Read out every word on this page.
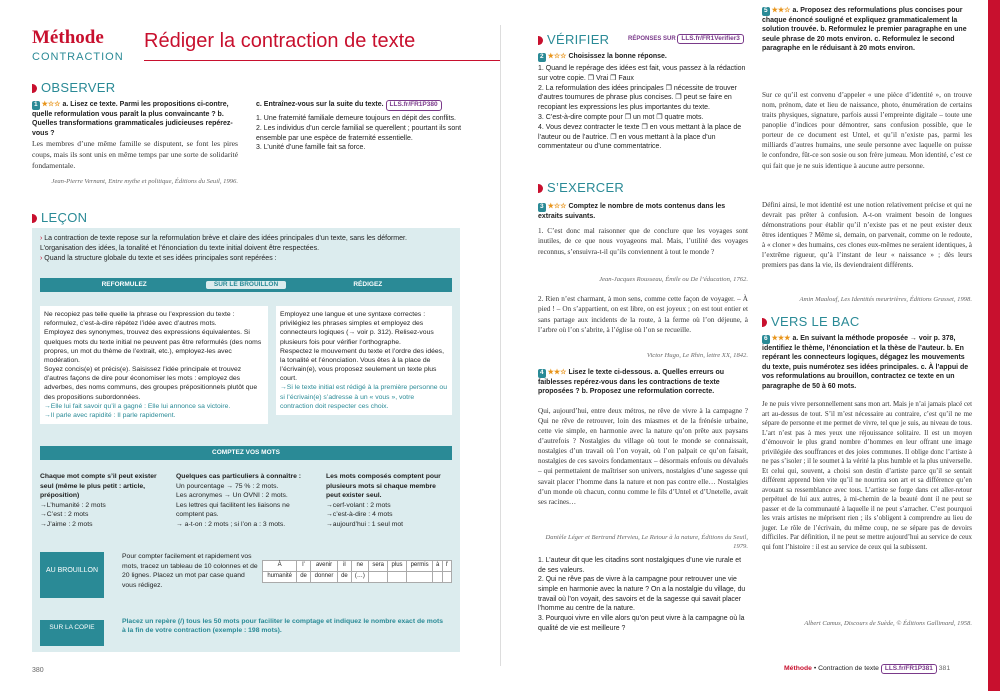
Méthode
CONTRACTION
Rédiger la contraction de texte
OBSERVER
1 ★☆☆ a. Lisez ce texte. Parmi les propositions ci-contre, quelle reformulation vous paraît la plus convaincante ? b. Quelles transformations grammaticales judicieuses repérez-vous ?
Les membres d’une même famille se disputent, se font les pires coups, mais ils sont unis en même temps par une sorte de solidarité fondamentale.
Jean-Pierre Vernant, Entre mythe et politique, Éditions du Seuil, 1996.
c. Entraînez-vous sur la suite du texte. LLS.fr/FR1P380
1. Une fraternité familiale demeure toujours en dépit des conflits.
2. Les individus d’un cercle familial se querellent ; pourtant ils sont ensemble par une espèce de fraternité essentielle.
3. L’unité d’une famille fait sa force.
LEÇON
› La contraction de texte repose sur la reformulation brève et claire des idées principales d’un texte, sans les déformer. L’organisation des idées, la tonalité et l’énonciation du texte initial doivent être respectées.
› Quand la structure globale du texte et ses idées principales sont repérées :
REFORMULEZ	SUR LE BROUILLON	RÉDIGEZ
Ne recopiez pas telle quelle la phrase ou l’expression du texte : reformulez, c’est-à-dire répétez l’idée avec d’autres mots.
Employez des synonymes, trouvez des expressions équivalentes. Si quelques mots du texte initial ne peuvent pas être reformulés (des noms propres, un mot du thème de l’extrait, etc.), employez-les avec modération.
Soyez concis(e) et précis(e). Saisissez l’idée principale et trouvez d’autres façons de dire pour économiser les mots : employez des adverbes, des noms communs, des groupes prépositionnels plutôt que des propositions subordonnées.
→Elle lui fait savoir qu’il a gagné : Elle lui annonce sa victoire.
→Il parle avec rapidité : Il parle rapidement.
Employez une langue et une syntaxe correctes : privilégiez les phrases simples et employez des connecteurs logiques (→ voir p. 312). Relisez-vous plusieurs fois pour vérifier l’orthographe.
Respectez le mouvement du texte et l’ordre des idées, la tonalité et l’énonciation. Vous êtes à la place de l’écrivain(e), vous proposez seulement un texte plus court.
→Si le texte initial est rédigé à la première personne ou si l’écrivain(e) s’adresse à un « vous », votre contraction doit respecter ces choix.
COMPTEZ VOS MOTS
Chaque mot compte s’il peut exister seul (même le plus petit : article, préposition)
→L’humanité : 2 mots
→C’est : 2 mots
→J’aime : 2 mots
Quelques cas particuliers à connaître :
Un pourcentage → 75 % : 2 mots.
Les acronymes → Un OVNI : 2 mots.
Les lettres qui facilitent les liaisons ne comptent pas.
→ a-t-on : 2 mots ; si l’on a : 3 mots.
Les mots composés comptent pour plusieurs mots si chaque membre peut exister seul.
→cerf-volant : 2 mots
→c’est-à-dire : 4 mots
→aujourd’hui : 1 seul mot
AU BROUILLON
Pour compter facilement et rapidement vos mots, tracez un tableau de 10 colonnes et de 20 lignes. Placez un mot par case quand vous rédigez.
À	l’	avenir	il	ne	sera	plus	permis	à	l’
humanité	de	donner	de	(…)					
SUR LA COPIE
Placez un repère (/) tous les 50 mots pour faciliter le comptage et indiquez le nombre exact de mots à la fin de votre contraction (exemple : 198 mots).
380
VÉRIFIER	RÉPONSES SUR LLS.fr/FR1Verifier3
2 ★☆☆ Choisissez la bonne réponse.
1. Quand le repérage des idées est fait, vous passez à la rédaction sur votre copie. ❐ Vrai ❐ Faux
2. La reformulation des idées principales ❐ nécessite de trouver d’autres tournures de phrase plus concises. ❐ peut se faire en recopiant les expressions les plus importantes du texte.
3. C’est-à-dire compte pour ❐ un mot ❐ quatre mots.
4. Vous devez contracter le texte ❐ en vous mettant à la place de l’auteur ou de l’autrice. ❐ en vous mettant à la place d’un commentateur ou d’une commentatrice.
S’EXERCER
3 ★☆☆ Comptez le nombre de mots contenus dans les extraits suivants.
1. C’est donc mal raisonner que de conclure que les voyages sont inutiles, de ce que nous voyageons mal. Mais, l’utilité des voyages reconnus, s’ensuivra-t-il qu’ils conviennent à tout le monde ?
Jean-Jacques Rousseau, Émile ou De l’éducation, 1762.
2. Rien n’est charmant, à mon sens, comme cette façon de voyager. – À pied ! – On s’appartient, on est libre, on est joyeux ; on est tout entier et sans partage aux incidents de la route, à la ferme où l’on déjeune, à l’arbre où l’on s’abrite, à l’église où l’on se recueille.
Victor Hugo, Le Rhin, lettre XX, 1842.
4 ★★☆ Lisez le texte ci-dessous. a. Quelles erreurs ou faiblesses repérez-vous dans les contractions de texte proposées ? b. Proposez une reformulation correcte.
Qui, aujourd’hui, entre deux métros, ne rêve de vivre à la campagne ? Qui ne rêve de retrouver, loin des miasmes et de la frénésie urbaine, cette vie simple, en harmonie avec la nature qu’on prête aux paysans d’autrefois ? Nostalgies du village où tout le monde se connaissait, nostalgies d’un travail où l’on voyait, où l’on palpait ce qu’on faisait, nostalgies de ces savoirs fondamentaux – désormais enfouis ou dévalués – qui permettaient de maîtriser son univers, nostalgies d’une sagesse qui savait placer l’homme dans la nature et non pas contre elle… Nostalgies d’un monde où chacun, connu comme le fils d’Untel et d’Unetelle, avait ses racines…
Danièle Léger et Bertrand Hervieu, Le Retour à la nature, Éditions du Seuil, 1979.
1. L’auteur dit que les citadins sont nostalgiques d’une vie rurale et de ses valeurs.
2. Qui ne rêve pas de vivre à la campagne pour retrouver une vie simple en harmonie avec la nature ? On a la nostalgie du village, du travail où l’on voyait, des savoirs et de la sagesse qui savait placer l’homme au centre de la nature.
3. Pourquoi vivre en ville alors qu’on peut vivre à la campagne où la qualité de vie est meilleure ?
5 ★★☆ a. Proposez des reformulations plus concises pour chaque énoncé souligné et expliquez grammaticalement la solution trouvée. b. Reformulez le premier paragraphe en une seule phrase de 20 mots environ. c. Reformulez le second paragraphe en le réduisant à 20 mots environ.
Sur ce qu’il est convenu d’appeler « une pièce d’identité », on trouve nom, prénom, date et lieu de naissance, photo, énumération de certains traits physiques, signature, parfois aussi l’empreinte digitale – toute une panoplie d’indices pour démontrer, sans confusion possible, que le porteur de ce document est Untel, et qu’il n’existe pas, parmi les milliards d’autres humains, une seule personne avec laquelle on puisse le confondre, fût-ce son sosie ou son frère jumeau. Mon identité, c’est ce qui fait que je ne suis identique à aucune autre personne.
Défini ainsi, le mot identité est une notion relativement précise et qui ne devrait pas prêter à confusion. A-t-on vraiment besoin de longues démonstrations pour établir qu’il n’existe pas et ne peut exister deux êtres identiques ? Même si, demain, on parvenait, comme on le redoute, à « cloner » des humains, ces clones eux-mêmes ne seraient identiques, à l’extrême rigueur, qu’à l’instant de leur « naissance » ; dès leurs premiers pas dans la vie, ils deviendraient différents.
Amin Maalouf, Les Identités meurtrières, Éditions Grasset, 1998.
VERS LE BAC
6 ★★★ a. En suivant la méthode proposée → voir p. 378, identifiez le thème, l’énonciation et la thèse de l’auteur. b. En repérant les connecteurs logiques, dégagez les mouvements du texte, puis numérotez ses idées principales. c. À l’appui de vos reformulations au brouillon, contractez ce texte en un paragraphe de 50 à 60 mots.
Je ne puis vivre personnellement sans mon art. Mais je n’ai jamais placé cet art au-dessus de tout. S’il m’est nécessaire au contraire, c’est qu’il ne me sépare de personne et me permet de vivre, tel que je suis, au niveau de tous. L’art n’est pas à mes yeux une réjouissance solitaire. Il est un moyen d’émouvoir le plus grand nombre d’hommes en leur offrant une image privilégiée des souffrances et des joies communes. Il oblige donc l’artiste à ne pas s’isoler ; il le soumet à la vérité la plus humble et la plus universelle. Et celui qui, souvent, a choisi son destin d’artiste parce qu’il se sentait différent apprend bien vite qu’il ne nourrira son art et sa différence qu’en avouant sa ressemblance avec tous. L’artiste se forge dans cet aller-retour perpétuel de lui aux autres, à mi-chemin de la beauté dont il ne peut se passer et de la communauté à laquelle il ne peut s’arracher. C’est pourquoi les vrais artistes ne méprisent rien ; ils s’obligent à comprendre au lieu de juger. Le rôle de l’écrivain, du même coup, ne se sépare pas de devoirs difficiles. Par définition, il ne peut se mettre aujourd’hui au service de ceux qui font l’histoire : il est au service de ceux qui la subissent.
Albert Camus, Discours de Suède, © Éditions Gallimard, 1958.
Méthode • Contraction de texte LLS.fr/FR1P381 381
